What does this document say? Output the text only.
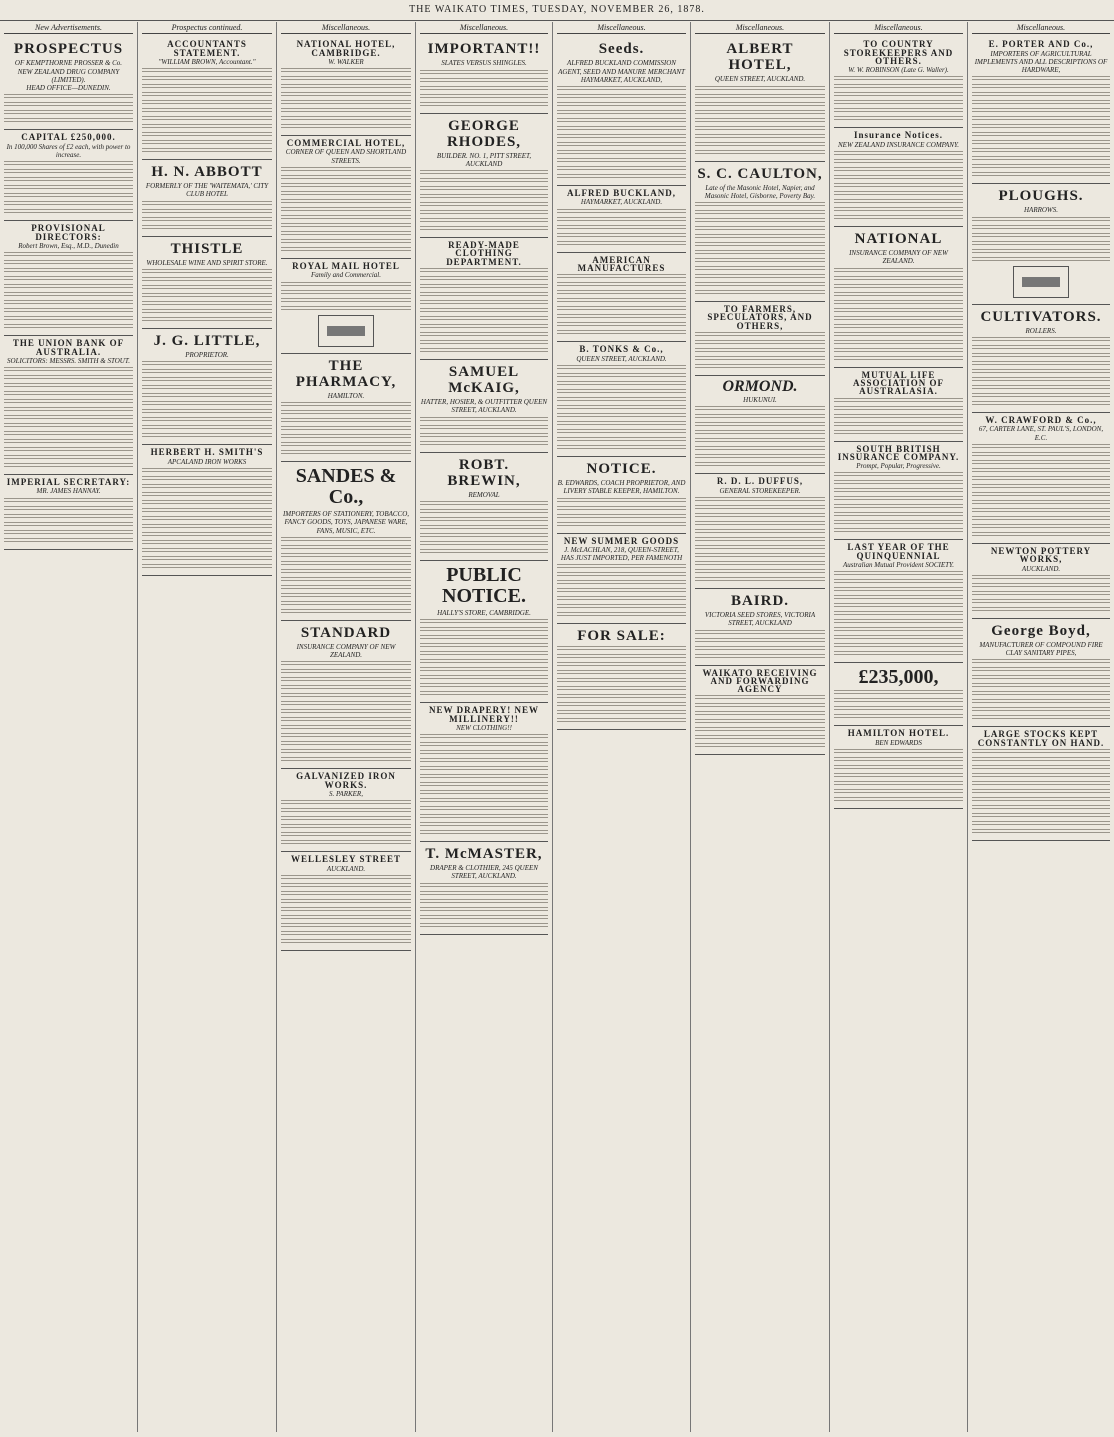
THE WAIKATO TIMES, TUESDAY, NOVEMBER 26, 1878.
New Advertisements.
PROSPECTUS
OF KEMPTHORNE PROSSER & Co.
NEW ZEALAND DRUG COMPANY (LIMITED).
HEAD OFFICE—DUNEDIN.
CAPITAL £250,000.
In 100,000 Shares of £2 each, with power to increase.
PROVISIONAL DIRECTORS:
Robert Brown, Esq., M.D., Dunedin
THE UNION BANK OF AUSTRALIA.
SOLICITORS: MESSRS. SMITH & STOUT.
IMPERIAL SECRETARY:
MR. JAMES HANNAY.
Prospectus continued.
ACCOUNTANTS STATEMENT.
"WILLIAM BROWN, Accountant."
H. N. ABBOTT
FORMERLY OF THE 'WAITEMATA,' CITY CLUB HOTEL
THISTLE
WHOLESALE WINE AND SPIRIT STORE.
J. G. LITTLE,
PROPRIETOR.
HERBERT H. SMITH'S
APCALAND IRON WORKS
Miscellaneous.
NATIONAL HOTEL, CAMBRIDGE.
W. WALKER
COMMERCIAL HOTEL,
CORNER OF QUEEN AND SHORTLAND STREETS.
ROYAL MAIL HOTEL
Family and Commercial.
THE PHARMACY,
HAMILTON.
SANDES & Co.,
IMPORTERS OF STATIONERY, TOBACCO, FANCY GOODS, TOYS, JAPANESE WARE, FANS, MUSIC, ETC.
STANDARD
INSURANCE COMPANY OF NEW ZEALAND.
GALVANIZED IRON WORKS.
S. PARKER,
WELLESLEY STREET
AUCKLAND.
Miscellaneous.
IMPORTANT!!
SLATES VERSUS SHINGLES.
GEORGE RHODES,
BUILDER. NO. 1, PITT STREET, AUCKLAND
READY-MADE CLOTHING DEPARTMENT.
SAMUEL McKAIG,
HATTER, HOSIER, & OUTFITTER QUEEN STREET, AUCKLAND.
ROBT. BREWIN,
REMOVAL
PUBLIC NOTICE.
HALLY'S STORE, CAMBRIDGE.
NEW DRAPERY! NEW MILLINERY!!
NEW CLOTHING!!
T. McMASTER,
DRAPER & CLOTHIER, 245 QUEEN STREET, AUCKLAND.
Miscellaneous.
Seeds.
ALFRED BUCKLAND COMMISSION AGENT, SEED AND MANURE MERCHANT HAYMARKET, AUCKLAND,
ALFRED BUCKLAND,
HAYMARKET, AUCKLAND.
AMERICAN MANUFACTURES
B. TONKS & Co.,
QUEEN STREET, AUCKLAND.
NOTICE.
B. EDWARDS, COACH PROPRIETOR, AND LIVERY STABLE KEEPER, HAMILTON.
NEW SUMMER GOODS
J. McLACHLAN, 218, QUEEN-STREET, HAS JUST IMPORTED, PER FAMENOTH
FOR SALE:
Miscellaneous.
ALBERT HOTEL,
QUEEN STREET, AUCKLAND.
S. C. CAULTON,
Late of the Masonic Hotel, Napier, and Masonic Hotel, Gisborne, Poverty Bay.
TO FARMERS, SPECULATORS, AND OTHERS,
ORMOND.
HUKUNUI.
R. D. L. DUFFUS,
GENERAL STOREKEEPER.
BAIRD.
VICTORIA SEED STORES, VICTORIA STREET, AUCKLAND
WAIKATO RECEIVING AND FORWARDING AGENCY
Miscellaneous.
TO COUNTRY STOREKEEPERS AND OTHERS.
W. W. ROBINSON (Late G. Waller).
Insurance Notices.
NEW ZEALAND INSURANCE COMPANY.
NATIONAL
INSURANCE COMPANY OF NEW ZEALAND.
MUTUAL LIFE ASSOCIATION OF AUSTRALASIA.
SOUTH BRITISH INSURANCE COMPANY.
Prompt, Popular, Progressive.
LAST YEAR OF THE QUINQUENNIAL
Australian Mutual Provident SOCIETY.
£235,000,
HAMILTON HOTEL.
BEN EDWARDS
Miscellaneous.
E. PORTER AND Co.,
IMPORTERS OF AGRICULTURAL IMPLEMENTS AND ALL DESCRIPTIONS OF HARDWARE,
PLOUGHS.
HARROWS.
CULTIVATORS.
ROLLERS.
W. CRAWFORD & Co.,
67, CARTER LANE, ST. PAUL'S, LONDON, E.C.
NEWTON POTTERY WORKS,
AUCKLAND.
George Boyd,
MANUFACTURER OF COMPOUND FIRE CLAY SANITARY PIPES,
LARGE STOCKS KEPT CONSTANTLY ON HAND.
